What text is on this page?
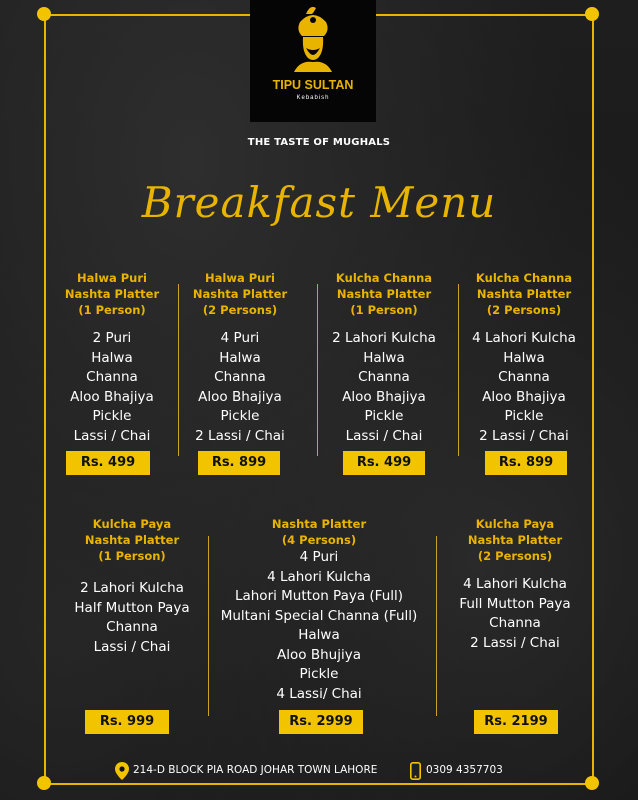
TIPU SULTAN
Kebabish
THE TASTE OF MUGHALS
Breakfast Menu
Halwa Puri
Nashta Platter
(1 Person)
2 Puri
Halwa
Channa
Aloo Bhajiya
Pickle
Lassi / Chai
Rs. 499
Halwa Puri
Nashta Platter
(2 Persons)
4 Puri
Halwa
Channa
Aloo Bhajiya
Pickle
2 Lassi / Chai
Rs. 899
Kulcha Channa
Nashta Platter
(1 Person)
2 Lahori Kulcha
Halwa
Channa
Aloo Bhajiya
Pickle
Lassi / Chai
Rs. 499
Kulcha Channa
Nashta Platter
(2 Persons)
4 Lahori Kulcha
Halwa
Channa
Aloo Bhajiya
Pickle
2 Lassi / Chai
Rs. 899
Kulcha Paya
Nashta Platter
(1 Person)
2 Lahori Kulcha
Half Mutton Paya
Channa
Lassi / Chai
Rs. 999
Nashta Platter
(4 Persons)
4 Puri
4 Lahori Kulcha
Lahori Mutton Paya (Full)
Multani Special Channa (Full)
Halwa
Aloo Bhujiya
Pickle
4 Lassi/ Chai
Rs. 2999
Kulcha Paya
Nashta Platter
(2 Persons)
4 Lahori Kulcha
Full Mutton Paya
Channa
2 Lassi / Chai
Rs. 2199
214-D BLOCK PIA ROAD JOHAR TOWN LAHORE	0309 4357703
